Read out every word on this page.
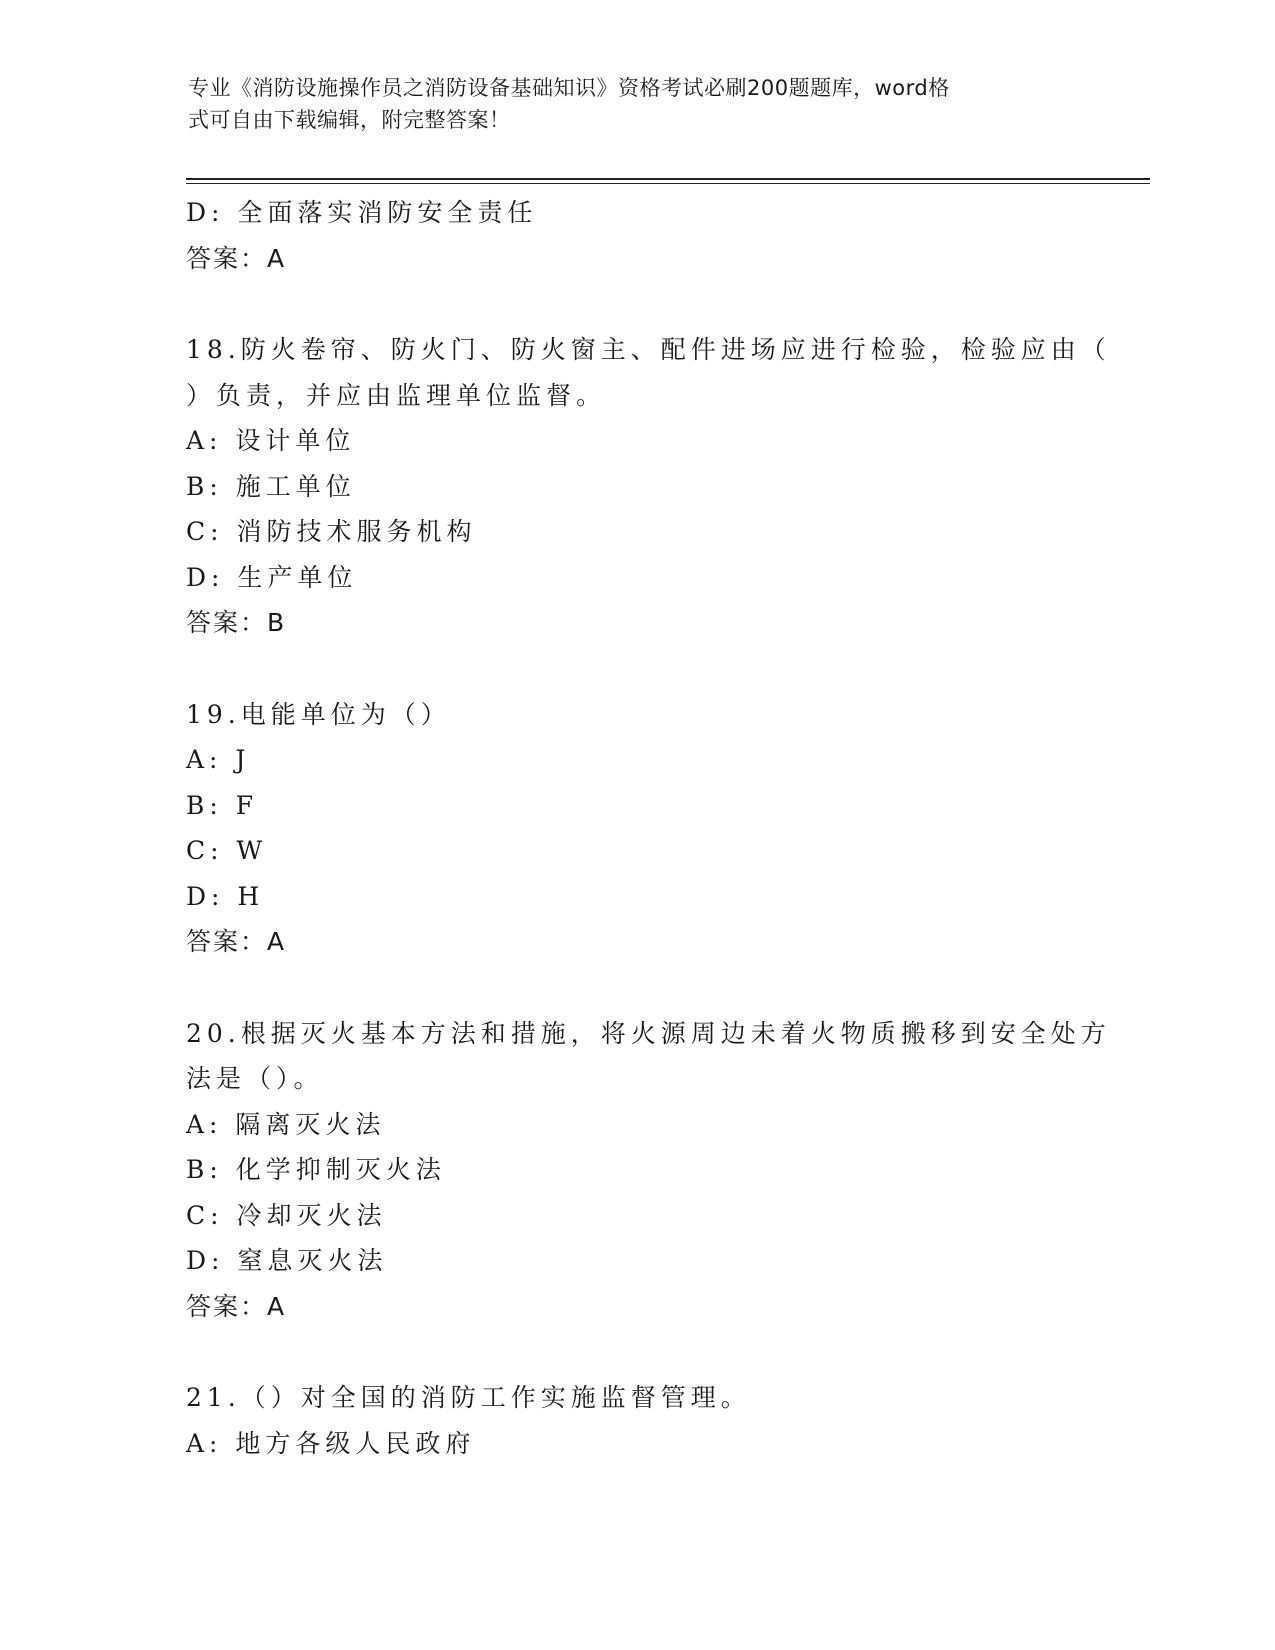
专业《消防设施操作员之消防设备基础知识》资格考试必刷200题题库，word格
式可自由下载编辑，附完整答案！
D: 全面落实消防安全责任
答案：A
18.防火卷帘、防火门、防火窗主、配件进场应进行检验，检验应由（
）负责，并应由监理单位监督。
A: 设计单位
B: 施工单位
C: 消防技术服务机构
D: 生产单位
答案：B
19.电能单位为（）
A: J
B: F
C: W
D: H
答案：A
20.根据灭火基本方法和措施，将火源周边未着火物质搬移到安全处方
法是（）。
A: 隔离灭火法
B: 化学抑制灭火法
C: 冷却灭火法
D: 窒息灭火法
答案：A
21.（）对全国的消防工作实施监督管理。
A: 地方各级人民政府
